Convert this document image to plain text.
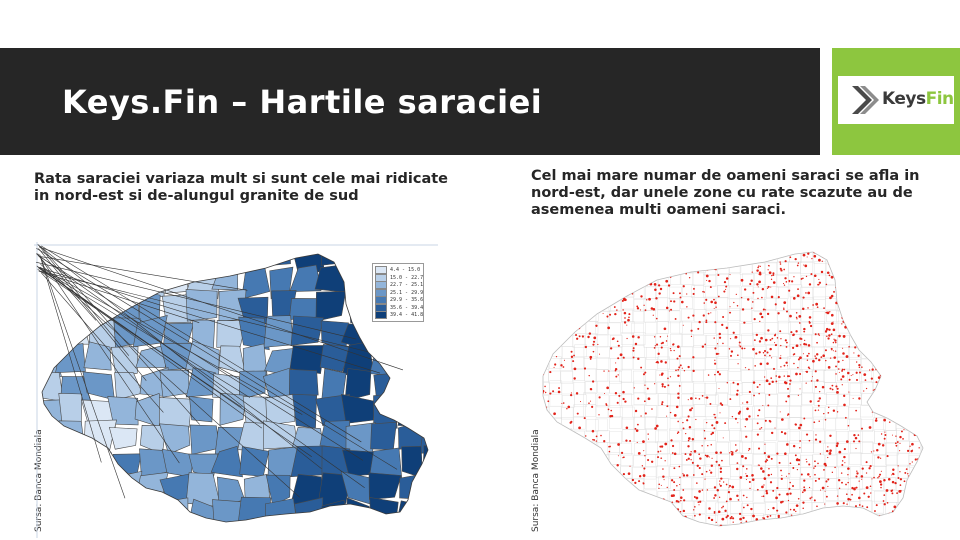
Keys.Fin – Hartile saraciei	KeysFin
Rata saraciei variaza mult si sunt cele mai ridicate in nord-est si de-alungul granite de sud
Cel mai mare numar de oameni saraci se afla in nord-est, dar unele zone cu rate scazute au de asemenea multi oameni saraci.
Sursa: Banca Mondiala	Sursa: Banca Mondiala
4.4 - 15.0
15.0 - 22.7
22.7 - 25.1
25.1 - 29.9
29.9 - 35.6
35.6 - 39.4
39.4 - 41.8
